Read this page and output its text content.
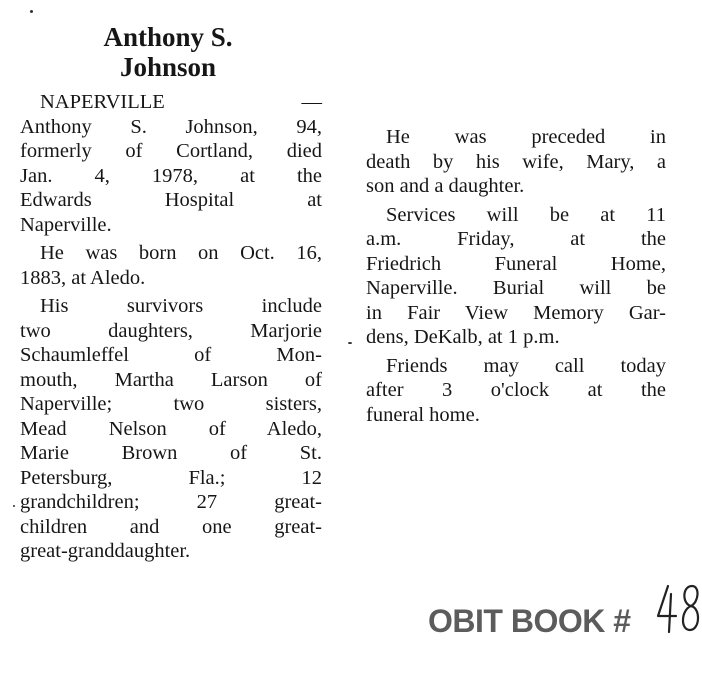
Anthony S.
Johnson
NAPERVILLE —
Anthony S. Johnson, 94,
formerly of Cortland, died
Jan. 4, 1978, at the
Edwards Hospital at
Naperville.
He was born on Oct. 16,
1883, at Aledo.
His survivors include
two daughters, Marjorie
Schaumleffel of Mon-
mouth, Martha Larson of
Naperville; two sisters,
Mead Nelson of Aledo,
Marie Brown of St.
Petersburg, Fla.; 12
grandchildren; 27 great-
children and one great-
great-granddaughter.
He was preceded in
death by his wife, Mary, a
son and a daughter.
Services will be at 11
a.m. Friday, at the
Friedrich Funeral Home,
Naperville. Burial will be
in Fair View Memory Gar-
dens, DeKalb, at 1 p.m.
Friends may call today
after 3 o'clock at the
funeral home.
OBIT BOOK #
